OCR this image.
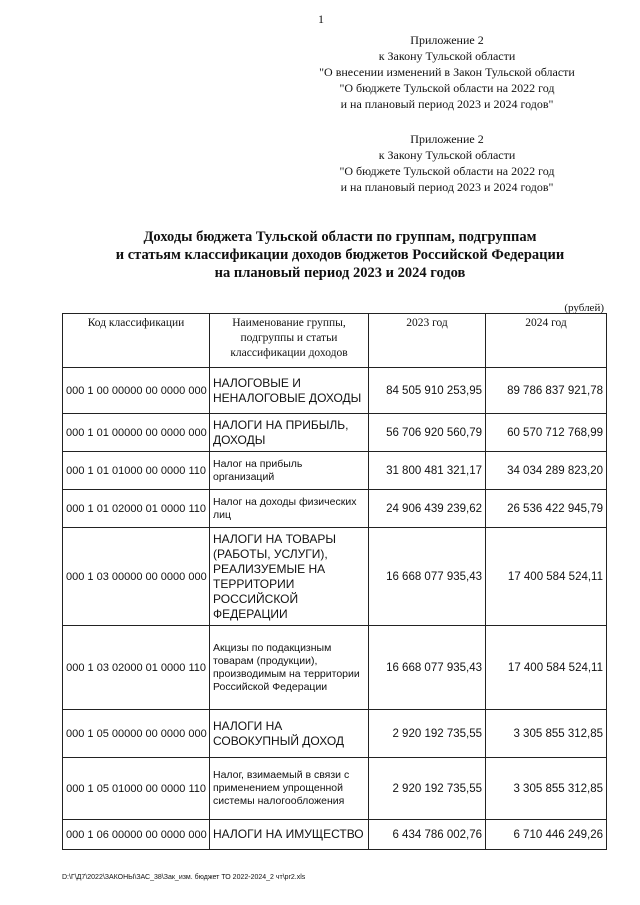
1
Приложение 2
к Закону Тульской области
"О внесении изменений в Закон Тульской области
"О бюджете Тульской области на 2022 год
и на плановый период 2023 и 2024 годов"
Приложение 2
к Закону Тульской области
"О бюджете Тульской области на 2022 год
и на плановый период 2023 и 2024 годов"
Доходы бюджета Тульской области по группам, подгруппам
и статьям классификации доходов бюджетов Российской Федерации
на плановый период 2023 и 2024 годов
(рублей)
Код классификации	Наименование группы, подгруппы и статьи классификации доходов	2023 год	2024 год
000 1 00 00000 00 0000 000	НАЛОГОВЫЕ И НЕНАЛОГОВЫЕ ДОХОДЫ	84 505 910 253,95	89 786 837 921,78
000 1 01 00000 00 0000 000	НАЛОГИ НА ПРИБЫЛЬ, ДОХОДЫ	56 706 920 560,79	60 570 712 768,99
000 1 01 01000 00 0000 110	Налог на прибыль организаций	31 800 481 321,17	34 034 289 823,20
000 1 01 02000 01 0000 110	Налог на доходы физических лиц	24 906 439 239,62	26 536 422 945,79
000 1 03 00000 00 0000 000	НАЛОГИ НА ТОВАРЫ (РАБОТЫ, УСЛУГИ), РЕАЛИЗУЕМЫЕ НА ТЕРРИТОРИИ РОССИЙСКОЙ ФЕДЕРАЦИИ	16 668 077 935,43	17 400 584 524,11
000 1 03 02000 01 0000 110	Акцизы по подакцизным товарам (продукции), производимым на территории Российской Федерации	16 668 077 935,43	17 400 584 524,11
000 1 05 00000 00 0000 000	НАЛОГИ НА СОВОКУПНЫЙ ДОХОД	2 920 192 735,55	3 305 855 312,85
000 1 05 01000 00 0000 110	Налог, взимаемый в связи с применением упрощенной системы налогообложения	2 920 192 735,55	3 305 855 312,85
000 1 06 00000 00 0000 000	НАЛОГИ НА ИМУЩЕСТВО	6 434 786 002,76	6 710 446 249,26
D:\Г\Д7\2022\ЗАКОНЫ\ЗАС_38\Зак_изм. бюджет ТО 2022-2024_2 чт\pr2.xls
